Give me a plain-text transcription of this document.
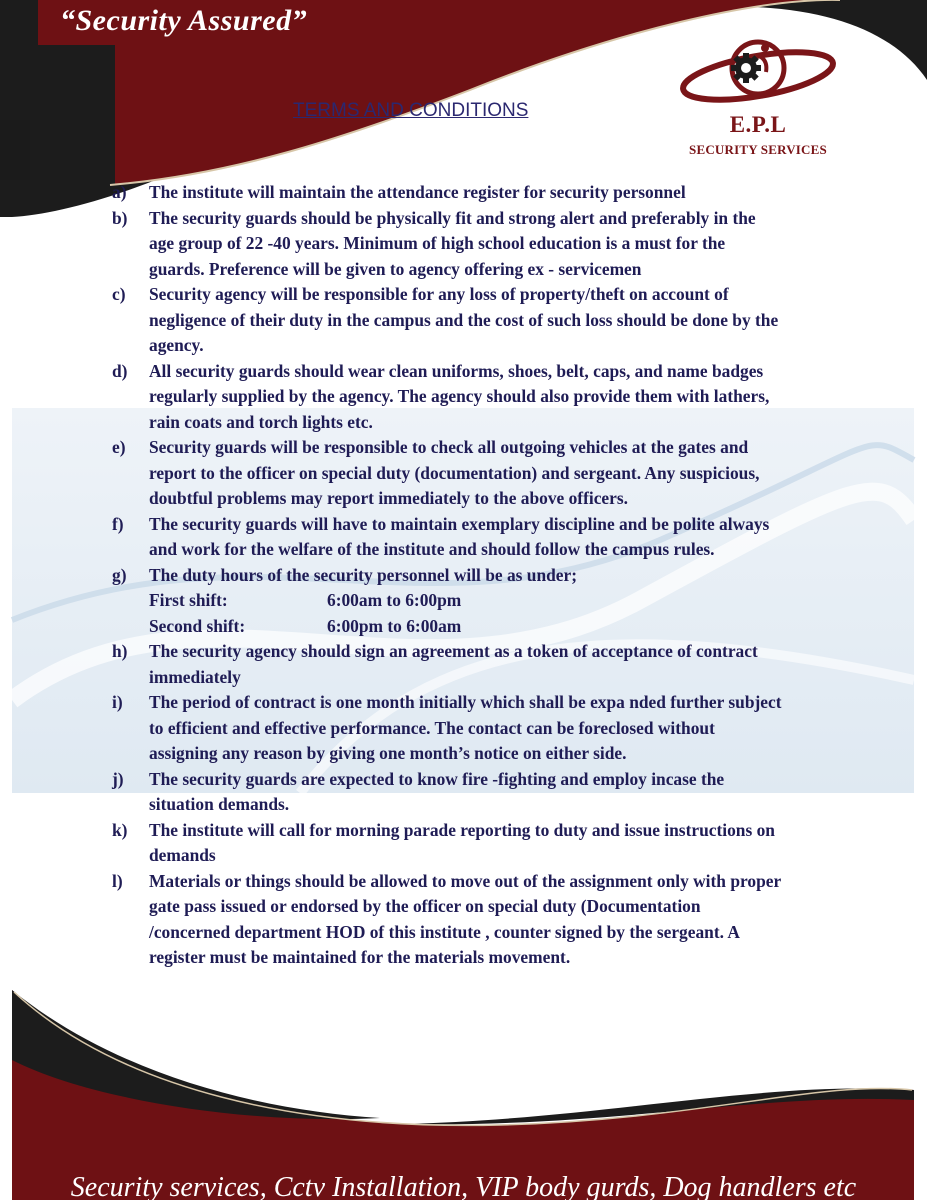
“Security Assured”
TERMS AND CONDITIONS
E.P.L
SECURITY SERVICES
a) The institute will maintain the attendance register for security personnel
b) The security guards should be physically fit and strong alert and preferably in the age group of 22 -40 years. Minimum of high school education is a must for the guards. Preference will be given to agency offering ex - servicemen
c) Security agency will be responsible for any loss of property/theft on account of negligence of their duty in the campus and the cost of such loss should be done by the agency.
d) All security guards should wear clean uniforms, shoes, belt, caps, and name badges regularly supplied by the agency. The agency should also provide them with lathers, rain coats and torch lights etc.
e) Security guards will be responsible to check all outgoing vehicles at the gates and report to the officer on special duty (documentation) and sergeant. Any suspicious, doubtful problems may report immediately to the above officers.
f) The security guards will have to maintain exemplary discipline and be polite always and work for the welfare of the institute and should follow the campus rules.
g) The duty hours of the security personnel will be as under;
First shift:	6:00am to 6:00pm
Second shift:	6:00pm to 6:00am
h) The security agency should sign an agreement as a token of acceptance of contract immediately
i) The period of contract is one month initially which shall be expa nded further subject to efficient and effective performance. The contact can be foreclosed without assigning any reason by giving one month’s notice on either side.
j) The security guards are expected to know fire -fighting and employ incase the situation demands.
k) The institute will call for morning parade reporting to duty and issue instructions on demands
l) Materials or things should be allowed to move out of the assignment only with proper gate pass issued or endorsed by the officer on special duty (Documentation /concerned department HOD of this institute , counter signed by the sergeant. A register must be maintained for the materials movement.
Security services, Cctv Installation, VIP body gurds, Dog handlers etc
